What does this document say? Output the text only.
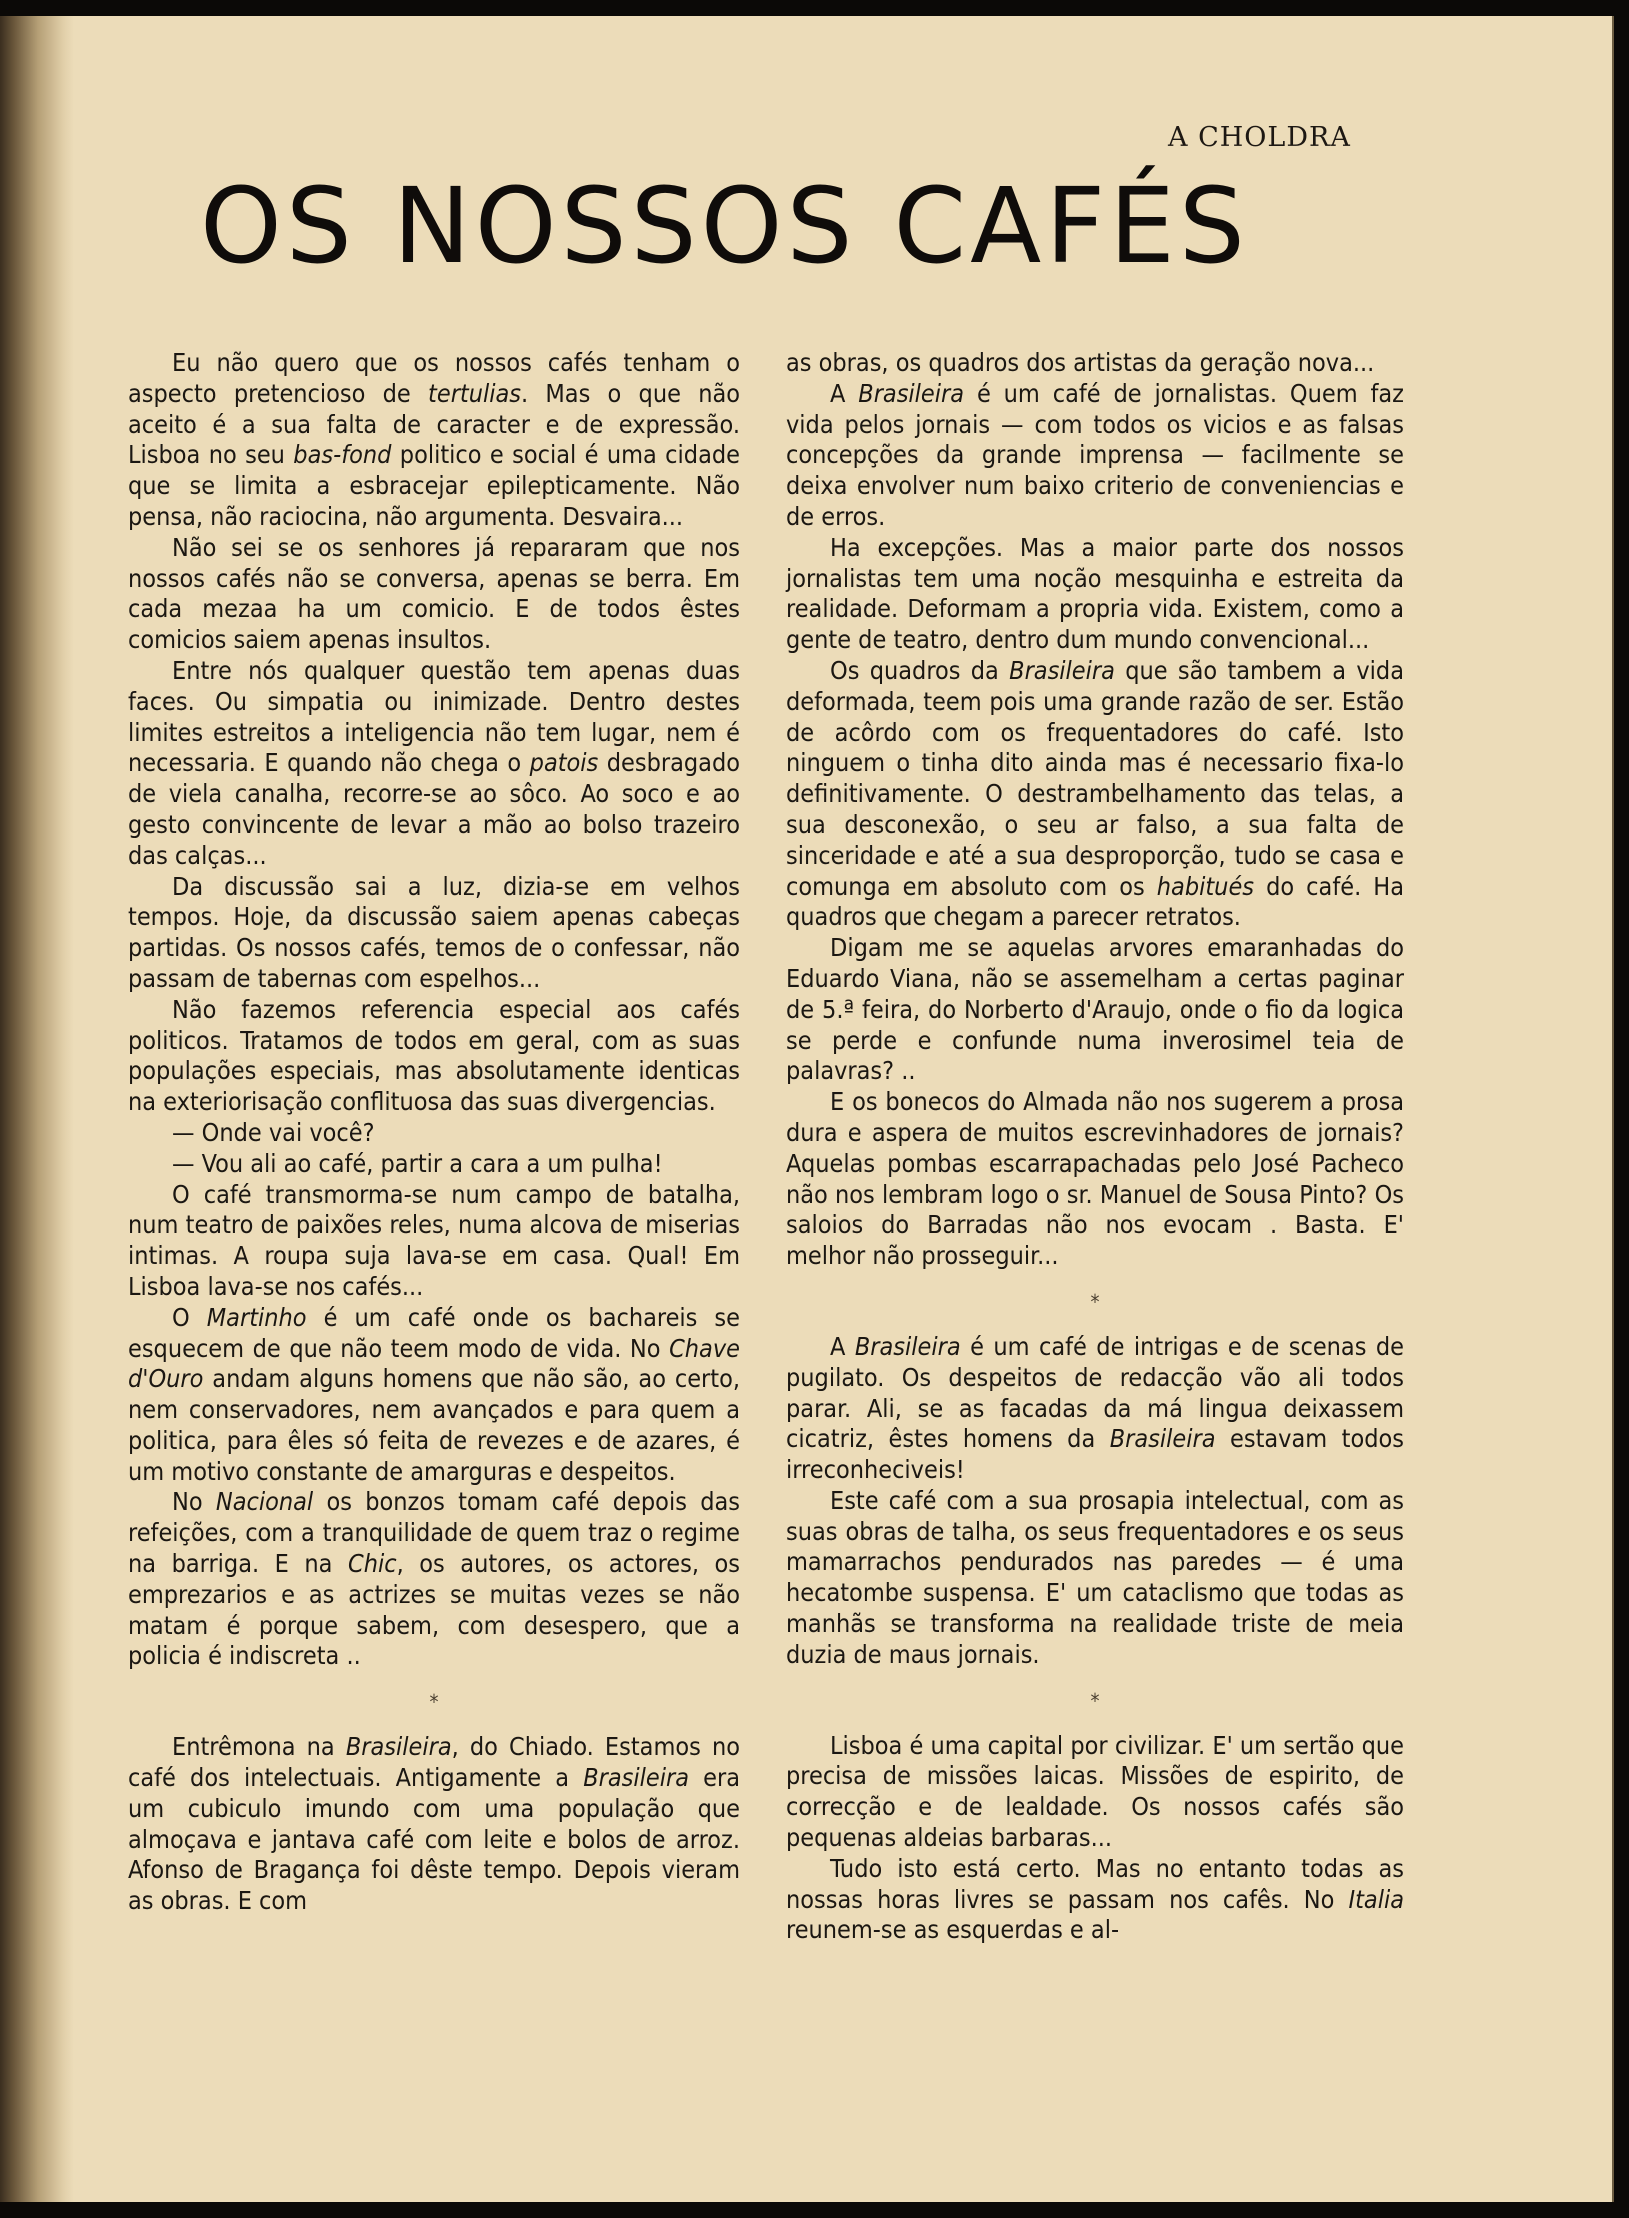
A CHOLDRA
OS NOSSOS CAFÉS

Eu não quero que os nossos cafés tenham o aspecto pretencioso de tertulias. Mas o que não aceito é a sua falta de caracter e de expressão. Lisboa no seu bas-fond politico e social é uma cidade que se limita a esbracejar epilepticamente. Não pensa, não raciocina, não argumenta. Desvaira...

Não sei se os senhores já repararam que nos nossos cafés não se conversa, apenas se berra. Em cada mezaa ha um comicio. E de todos êstes comicios saiem apenas insultos.

Entre nós qualquer questão tem apenas duas faces. Ou simpatia ou inimizade. Dentro destes limites estreitos a inteligencia não tem lugar, nem é necessaria. E quando não chega o patois desbragado de viela canalha, recorre-se ao sôco. Ao soco e ao gesto convincente de levar a mão ao bolso trazeiro das calças...

Da discussão sai a luz, dizia-se em velhos tempos. Hoje, da discussão saiem apenas cabeças partidas. Os nossos cafés, temos de o confessar, não passam de tabernas com espelhos...

Não fazemos referencia especial aos cafés politicos. Tratamos de todos em geral, com as suas populações especiais, mas absolutamente identicas na exteriorisação conflituosa das suas divergencias.

— Onde vai você?

— Vou ali ao café, partir a cara a um pulha!

O café transmorma-se num campo de batalha, num teatro de paixões reles, numa alcova de miserias intimas. A roupa suja lava-se em casa. Qual! Em Lisboa lava-se nos cafés...

O Martinho é um café onde os bachareis se esquecem de que não teem modo de vida. No Chave d'Ouro andam alguns homens que não são, ao certo, nem conservadores, nem avançados e para quem a politica, para êles só feita de revezes e de azares, é um motivo constante de amarguras e despeitos.

No Nacional os bonzos tomam café depois das refeições, com a tranquilidade de quem traz o regime na barriga. E na Chic, os autores, os actores, os emprezarios e as actrizes se muitas vezes se não matam é porque sabem, com desespero, que a policia é indiscreta ..

*

Entrêmona na Brasileira, do Chiado. Estamos no café dos intelectuais. Antigamente a Brasileira era um cubiculo imundo com uma população que almoçava e jantava café com leite e bolos de arroz. Afonso de Bragança foi dêste tempo. Depois vieram as obras. E com

as obras, os quadros dos artistas da geração nova...

A Brasileira é um café de jornalistas. Quem faz vida pelos jornais — com todos os vicios e as falsas concepções da grande imprensa — facilmente se deixa envolver num baixo criterio de conveniencias e de erros.

Ha excepções. Mas a maior parte dos nossos jornalistas tem uma noção mesquinha e estreita da realidade. Deformam a propria vida. Existem, como a gente de teatro, dentro dum mundo convencional...

Os quadros da Brasileira que são tambem a vida deformada, teem pois uma grande razão de ser. Estão de acôrdo com os frequentadores do café. Isto ninguem o tinha dito ainda mas é necessario fixa-lo definitivamente. O destrambelhamento das telas, a sua desconexão, o seu ar falso, a sua falta de sinceridade e até a sua desproporção, tudo se casa e comunga em absoluto com os habitués do café. Ha quadros que chegam a parecer retratos.

Digam me se aquelas arvores emaranhadas do Eduardo Viana, não se assemelham a certas paginar de 5.ª feira, do Norberto d'Araujo, onde o fio da logica se perde e confunde numa inverosimel teia de palavras? ..

E os bonecos do Almada não nos sugerem a prosa dura e aspera de muitos escrevinhadores de jornais? Aquelas pombas escarrapachadas pelo José Pacheco não nos lembram logo o sr. Manuel de Sousa Pinto? Os saloios do Barradas não nos evocam . Basta. E' melhor não prosseguir...

*

A Brasileira é um café de intrigas e de scenas de pugilato. Os despeitos de redacção vão ali todos parar. Ali, se as facadas da má lingua deixassem cicatriz, êstes homens da Brasileira estavam todos irreconheciveis!

Este café com a sua prosapia intelectual, com as suas obras de talha, os seus frequentadores e os seus mamarrachos pendurados nas paredes — é uma hecatombe suspensa. E' um cataclismo que todas as manhãs se transforma na realidade triste de meia duzia de maus jornais.

*

Lisboa é uma capital por civilizar. E' um sertão que precisa de missões laicas. Missões de espirito, de correcção e de lealdade. Os nossos cafés são pequenas aldeias barbaras...

Tudo isto está certo. Mas no entanto todas as nossas horas livres se passam nos cafês. No Italia reunem-se as esquerdas e al-
